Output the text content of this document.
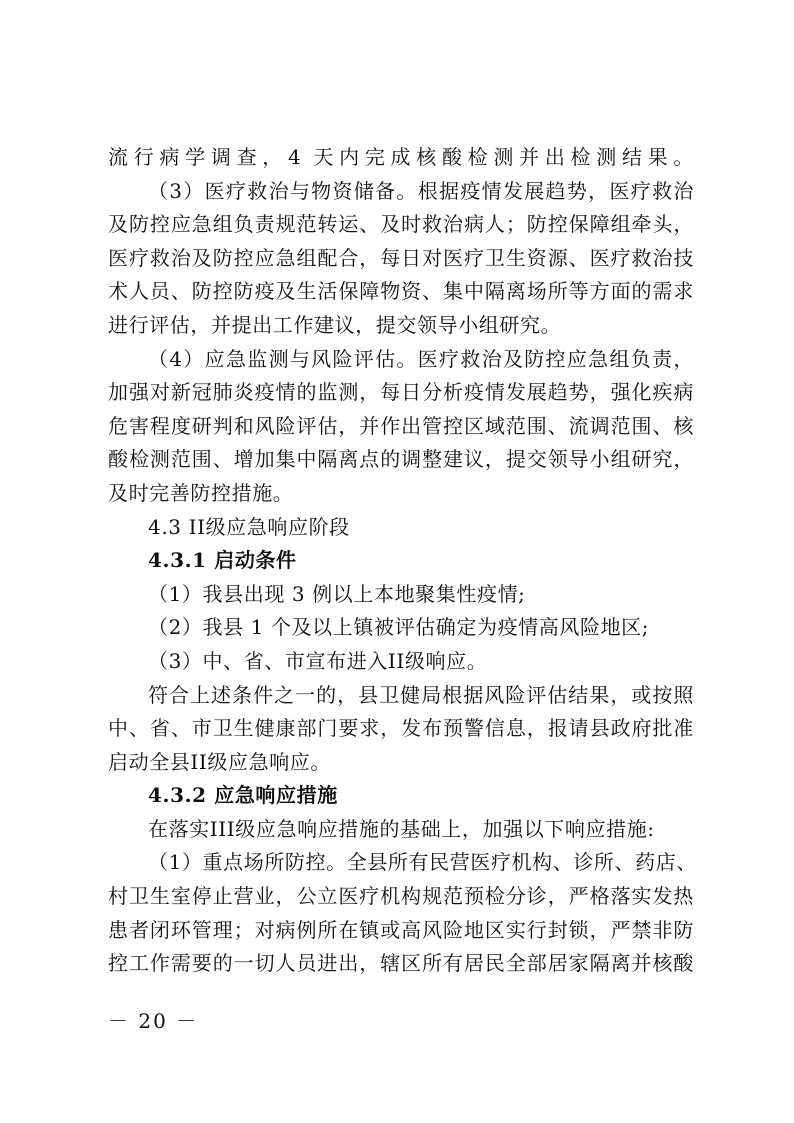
流行病学调查，4 天内完成核酸检测并出检测结果。
（3）医疗救治与物资储备。根据疫情发展趋势，医疗救治
及防控应急组负责规范转运、及时救治病人；防控保障组牵头，
医疗救治及防控应急组配合，每日对医疗卫生资源、医疗救治技
术人员、防控防疫及生活保障物资、集中隔离场所等方面的需求
进行评估，并提出工作建议，提交领导小组研究。
（4）应急监测与风险评估。医疗救治及防控应急组负责，
加强对新冠肺炎疫情的监测，每日分析疫情发展趋势，强化疾病
危害程度研判和风险评估，并作出管控区域范围、流调范围、核
酸检测范围、增加集中隔离点的调整建议，提交领导小组研究，
及时完善防控措施。
4.3 II级应急响应阶段
4.3.1 启动条件
（1）我县出现 3 例以上本地聚集性疫情;
（2）我县 1 个及以上镇被评估确定为疫情高风险地区;
（3）中、省、市宣布进入II级响应。
符合上述条件之一的，县卫健局根据风险评估结果，或按照
中、省、市卫生健康部门要求，发布预警信息，报请县政府批准
启动全县II级应急响应。
4.3.2 应急响应措施
在落实III级应急响应措施的基础上，加强以下响应措施:
（1）重点场所防控。全县所有民营医疗机构、诊所、药店、
村卫生室停止营业，公立医疗机构规范预检分诊，严格落实发热
患者闭环管理；对病例所在镇或高风险地区实行封锁，严禁非防
控工作需要的一切人员进出，辖区所有居民全部居家隔离并核酸
－ 20 －
